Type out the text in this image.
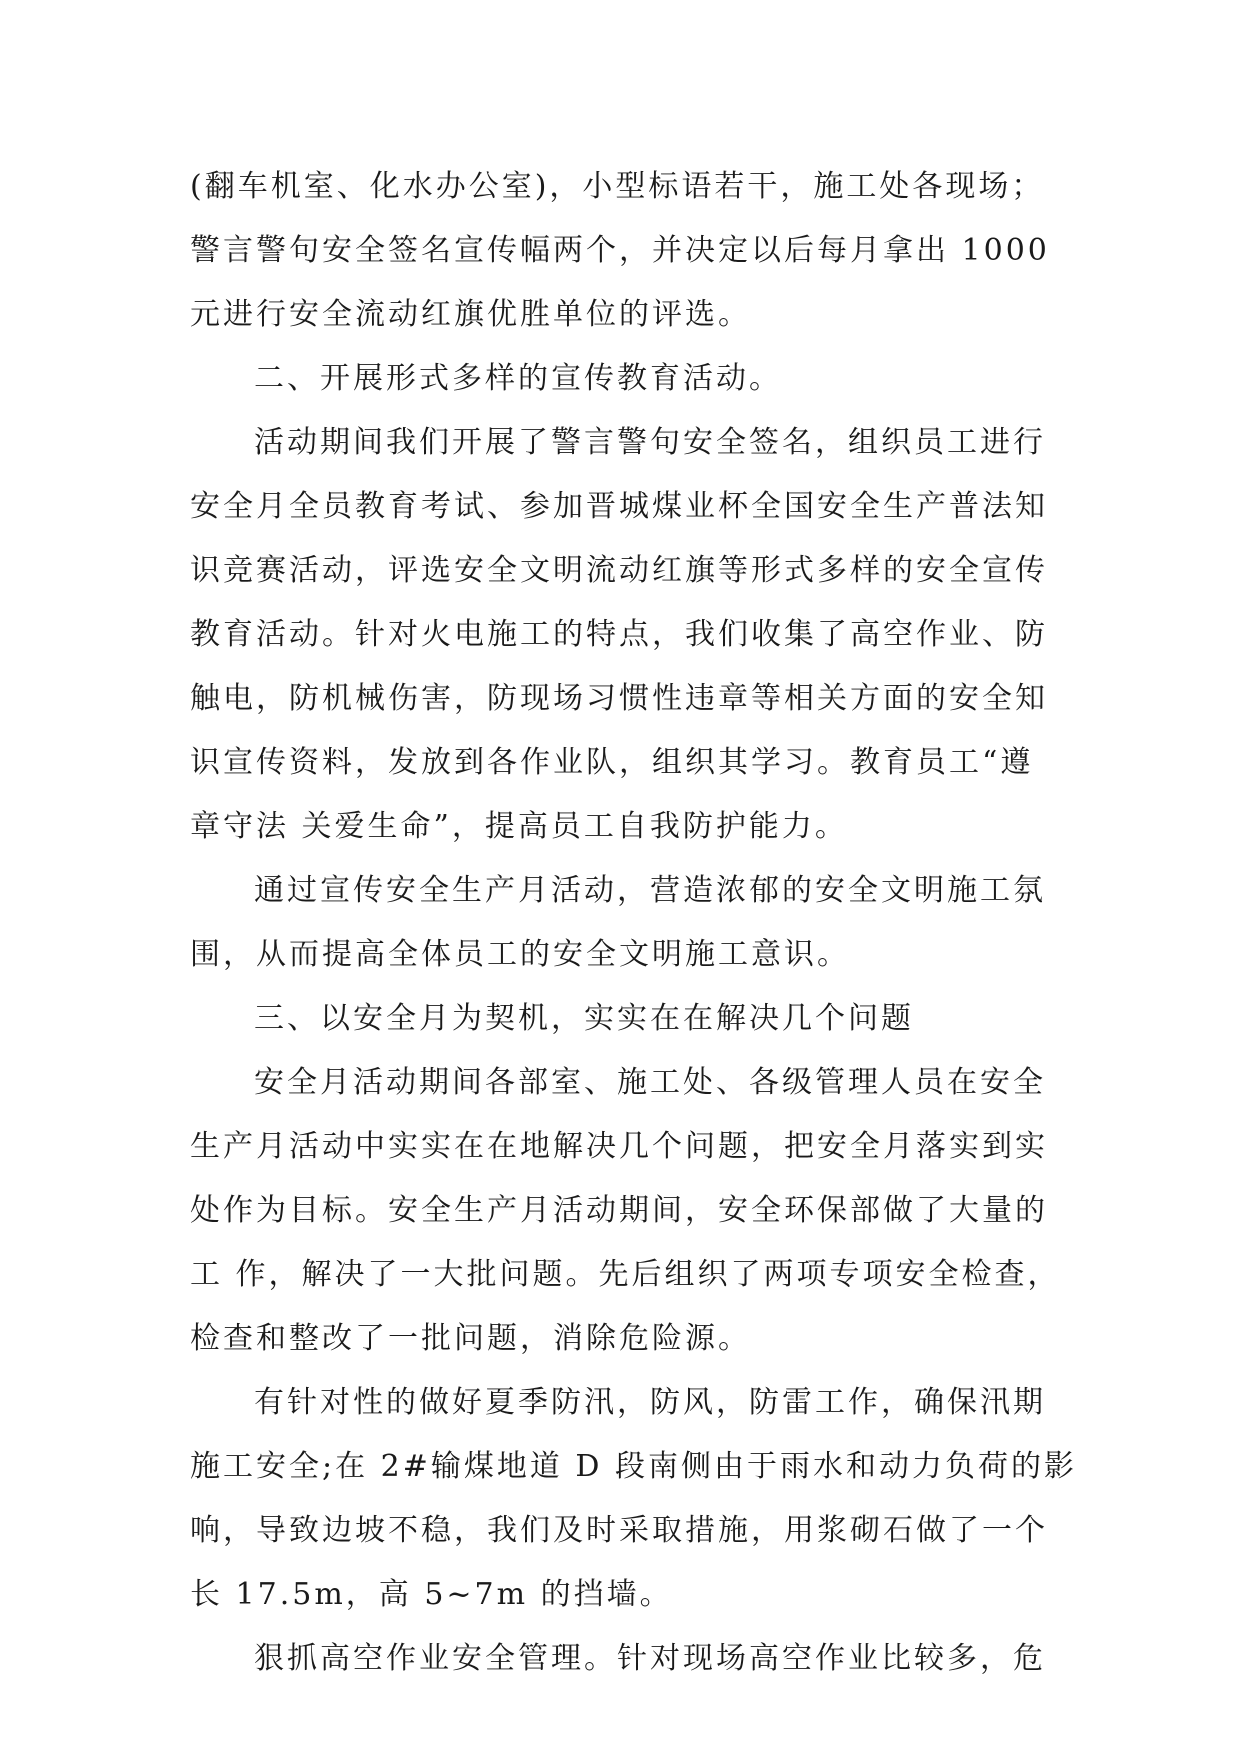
(翻车机室、化水办公室)，小型标语若干，施工处各现场；

警言警句安全签名宣传幅两个，并决定以后每月拿出 1000

元进行安全流动红旗优胜单位的评选。

二、开展形式多样的宣传教育活动。

活动期间我们开展了警言警句安全签名，组织员工进行

安全月全员教育考试、参加晋城煤业杯全国安全生产普法知

识竞赛活动，评选安全文明流动红旗等形式多样的安全宣传

教育活动。针对火电施工的特点，我们收集了高空作业、防

触电，防机械伤害，防现场习惯性违章等相关方面的安全知

识宣传资料，发放到各作业队，组织其学习。教育员工“遵

章守法 关爱生命”，提高员工自我防护能力。

通过宣传安全生产月活动，营造浓郁的安全文明施工氛

围，从而提高全体员工的安全文明施工意识。

三、以安全月为契机，实实在在解决几个问题

安全月活动期间各部室、施工处、各级管理人员在安全

生产月活动中实实在在地解决几个问题，把安全月落实到实

处作为目标。安全生产月活动期间，安全环保部做了大量的

工 作，解决了一大批问题。先后组织了两项专项安全检查，

检查和整改了一批问题，消除危险源。

有针对性的做好夏季防汛，防风，防雷工作，确保汛期

施工安全;在 2#输煤地道 D 段南侧由于雨水和动力负荷的影

响，导致边坡不稳，我们及时采取措施，用浆砌石做了一个

长 17.5m，高 5~7m 的挡墙。

狠抓高空作业安全管理。针对现场高空作业比较多，危
